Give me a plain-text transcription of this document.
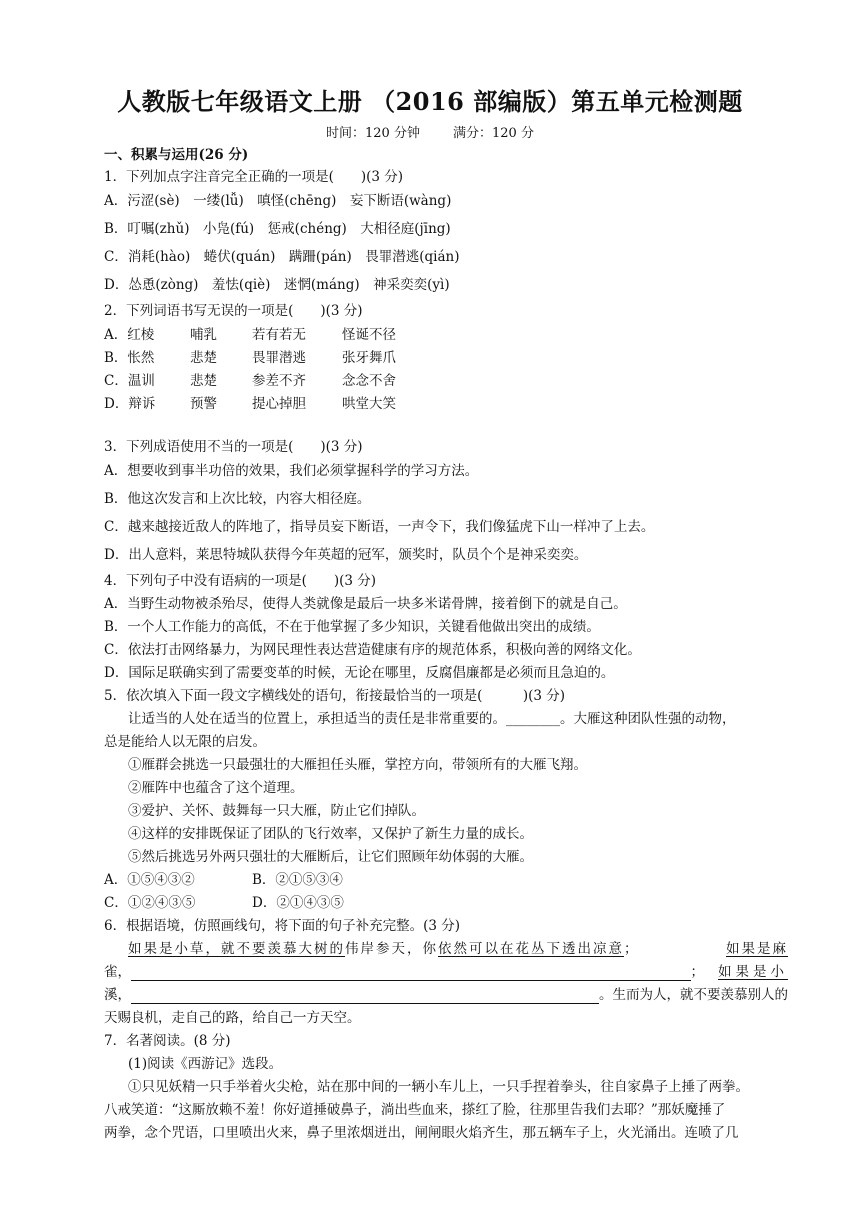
人教版七年级语文上册 （2016 部编版）第五单元检测题
时间：120 分钟        满分：120 分
一、积累与运用(26 分)
1．下列加点字注音完全正确的一项是(　　)(3 分)
A．污涩(sè)　一缕(lǚ)　嗔怪(chēng)　妄下断语(wàng)
B．叮嘱(zhǔ)　小凫(fú)　惩戒(chéng)　大相径庭(jīng)
C．消耗(hào)　蜷伏(quán)　蹒跚(pán)　畏罪潜逃(qián)
D．怂恿(zòng)　羞怯(qiè)　迷惘(máng)　神采奕奕(yì)
2．下列词语书写无误的一项是(　　)(3 分)
A．红棱	哺乳	若有若无	怪诞不径
B．怅然	悲楚	畏罪潜逃	张牙舞爪
C．温训	悲楚	参差不齐	念念不舍
D．辩诉	预警	提心掉胆	哄堂大笑
3．下列成语使用不当的一项是(　　)(3 分)
A．想要收到事半功倍的效果，我们必须掌握科学的学习方法。
B．他这次发言和上次比较，内容大相径庭。
C．越来越接近敌人的阵地了，指导员妄下断语，一声令下，我们像猛虎下山一样冲了上去。
D．出人意料，莱思特城队获得今年英超的冠军，颁奖时，队员个个是神采奕奕。
4．下列句子中没有语病的一项是(　　)(3 分)
A．当野生动物被杀殆尽，使得人类就像是最后一块多米诺骨牌，接着倒下的就是自己。
B．一个人工作能力的高低，不在于他掌握了多少知识，关键看他做出突出的成绩。
C．依法打击网络暴力，为网民理性表达营造健康有序的规范体系，积极向善的网络文化。
D．国际足联确实到了需要变革的时候，无论在哪里，反腐倡廉都是必须而且急迫的。
5．依次填入下面一段文字横线处的语句，衔接最恰当的一项是(　　　)(3 分)
让适当的人处在适当的位置上，承担适当的责任是非常重要的。________。大雁这种团队性强的动物，
总是能给人以无限的启发。
①雁群会挑选一只最强壮的大雁担任头雁，掌控方向，带领所有的大雁飞翔。
②雁阵中也蕴含了这个道理。
③爱护、关怀、鼓舞每一只大雁，防止它们掉队。
④这样的安排既保证了团队的飞行效率，又保护了新生力量的成长。
⑤然后挑选另外两只强壮的大雁断后，让它们照顾年幼体弱的大雁。
A．①⑤④③②	B．②①⑤③④
C．①②④③⑤	D．②①④③⑤
6．根据语境，仿照画线句，将下面的句子补充完整。(3 分)
如果是小草，就不要羡慕大树的伟岸参天，你依然可以在花丛下透出凉意；	如果是麻
雀，	； 如果是小
溪，	。生而为人，就不要羡慕别人的
天赐良机，走自己的路，给自己一方天空。
7．名著阅读。(8 分)
(1)阅读《西游记》选段。
①只见妖精一只手举着火尖枪，站在那中间的一辆小车儿上，一只手捏着拳头，往自家鼻子上捶了两拳。
八戒笑道：“这厮放赖不羞！你好道捶破鼻子，淌出些血来，搽红了脸，往那里告我们去耶？”那妖魔捶了
两拳，念个咒语，口里喷出火来，鼻子里浓烟迸出，闸闸眼火焰齐生，那五辆车子上，火光涌出。连喷了几
